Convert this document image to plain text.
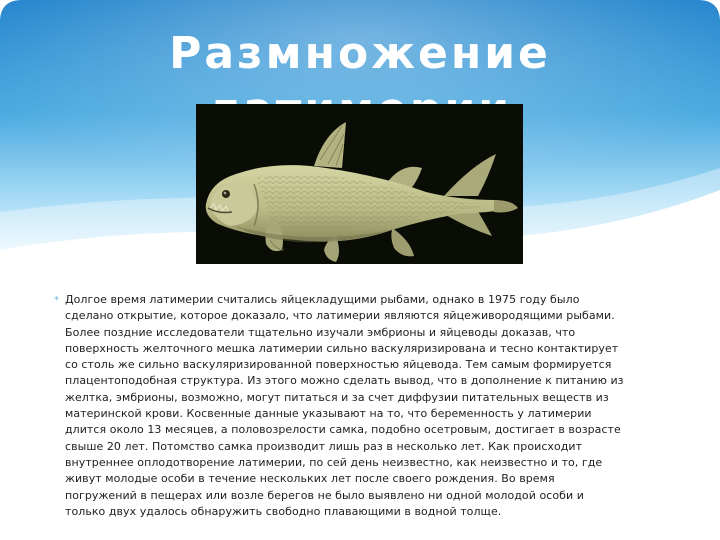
Размножение
* Долгое время латимерии считались яйцекладущими рыбами, однако в 1975 году было
сделано открытие, которое доказало, что латимерии являются яйцеживородящими рыбами.
Более поздние исследователи тщательно изучали эмбрионы и яйцеводы доказав, что
поверхность желточного мешка латимерии сильно васкуляризирована и тесно контактирует
со столь же сильно васкуляризированной поверхностью яйцевода. Тем самым формируется
плацентоподобная структура. Из этого можно сделать вывод, что в дополнение к питанию из
желтка, эмбрионы, возможно, могут питаться и за счет диффузии питательных веществ из
материнской крови. Косвенные данные указывают на то, что беременность у латимерии
длится около 13 месяцев, а половозрелости самка, подобно осетровым, достигает в возрасте
свыше 20 лет. Потомство самка производит лишь раз в несколько лет. Как происходит
внутреннее оплодотворение латимерии, по сей день неизвестно, как неизвестно и то, где
живут молодые особи в течение нескольких лет после своего рождения. Во время
погружений в пещерах или возле берегов не было выявлено ни одной молодой особи и
только двух удалось обнаружить свободно плавающими в водной толще.
